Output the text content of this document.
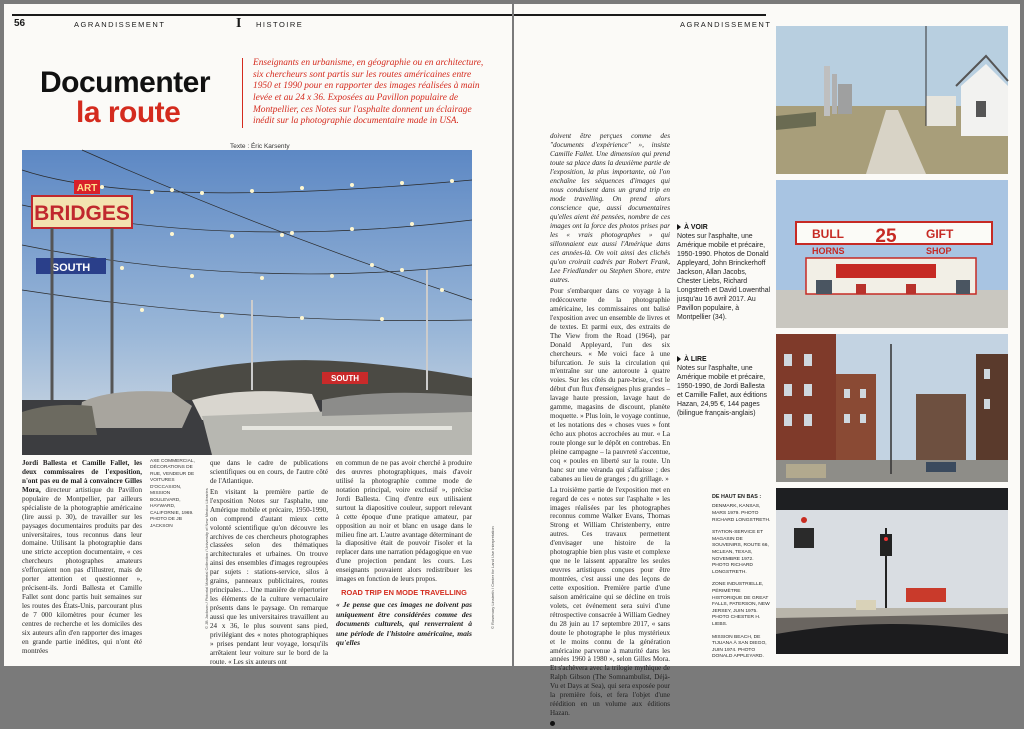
56	AGRANDISSEMENT	I HISTOIRE
Documenter
la route
Enseignants en urbanisme, en géographie ou en architecture, six chercheurs sont partis sur les routes américaines entre 1950 et 1990 pour en rapporter des images réalisées à main levée et au 24 x 36. Exposées au Pavillon populaire de Montpellier, ces Notes sur l'asphalte donnent un éclairage inédit sur la photographie documentaire made in USA.
Texte : Éric Karsenty
ART
BRIDGES
SOUTH
SOUTH
AXE COMMERCIAL, DÉCORATIONS DE RUE, VENDEUR DE VOITURES D'OCCASION, MISSION BOULEVARD, HAYWARD, CALIFORNIE, 1969. PHOTO DE JB JACKSON	© JB Jackson / Pictorial Material Collection / University of New Mexico Libraries	© Rosemary Linstreth / Center for Land Use Interpretation

Jordi Ballesta et Camille Fallet, les deux commissaires de l'exposition, n'ont pas eu de mal à convaincre Gilles Mora, directeur artistique du Pavillon populaire de Montpellier, par ailleurs spécialiste de la photographie américaine (lire aussi p. 30), de travailler sur les paysages documentaires produits par des universitaires, tous reconnus dans leur domaine. Utilisant la photographie dans une stricte acception documentaire, « ces chercheurs photographes amateurs s'efforçaient non pas d'illustrer, mais de porter attention et questionner », précisent-ils. Jordi Ballesta et Camille Fallet sont donc partis huit semaines sur les routes des États-Unis, parcourant plus de 7 000 kilomètres pour écumer les centres de recherche et les domiciles des six auteurs afin d'en rapporter des images en grande partie inédites, qui n'ont été montrées

que dans le cadre de publications scientifiques ou en cours, de l'autre côté de l'Atlantique.

En visitant la première partie de l'exposition Notes sur l'asphalte, une Amérique mobile et précaire, 1950-1990, on comprend d'autant mieux cette volonté scientifique qu'on découvre les archives de ces chercheurs photographes classées selon des thématiques architecturales et urbaines. On trouve ainsi des ensembles d'images regroupées par sujets : stations-service, silos à grains, panneaux publicitaires, routes principales… Une manière de répertorier les éléments de la culture vernaculaire présents dans le paysage. On remarque aussi que les universitaires travaillent au 24 x 36, le plus souvent sans pied, privilégiant des « notes photographiques » prises pendant leur voyage, lorsqu'ils arrêtaient leur voiture sur le bord de la route. « Les six auteurs ont

en commun de ne pas avoir cherché à produire des œuvres photographiques, mais d'avoir utilisé la photographie comme mode de notation principal, voire exclusif », précise Jordi Ballesta. Cinq d'entre eux utilisaient surtout la diapositive couleur, support relevant à cette époque d'une pratique amateur, par opposition au noir et blanc en usage dans le milieu fine art. L'autre avantage déterminant de la diapositive était de pouvoir l'isoler et la replacer dans une narration pédagogique en vue d'une projection pendant les cours. Les enseignants pouvaient alors redistribuer les images en fonction de leurs propos.

ROAD TRIP EN MODE TRAVELLING
« Je pense que ces images ne doivent pas uniquement être considérées comme des documents culturels, qui renverraient à une période de l'histoire américaine, mais qu'elles
AGRANDISSEMENT

doivent être perçues comme des "documents d'expérience" », insiste Camille Fallet. Une dimension qui prend toute sa place dans la deuxième partie de l'exposition, la plus importante, où l'on enchaîne les séquences d'images qui nous conduisent dans un grand trip en mode travelling. On prend alors conscience que, aussi documentaires qu'elles aient été pensées, nombre de ces images ont la force des photos prises par les « vrais photographes » qui sillonnaient eux aussi l'Amérique dans ces années-là. On voit ainsi des clichés qu'on croirait cadrés par Robert Frank, Lee Friedlander ou Stephen Shore, entre autres.

Pour s'embarquer dans ce voyage à la redécouverte de la photographie américaine, les commissaires ont balisé l'exposition avec un ensemble de livres et de textes. Et parmi eux, des extraits de The View from the Road (1964), par Donald Appleyard, l'un des six chercheurs. « Me voici face à une bifurcation. Je suis la circulation qui m'entraîne sur une autoroute à quatre voies. Sur les côtés du pare-brise, c'est le début d'un flux d'enseignes plus grandes – lavage haute pression, lavage haut de gamme, magasins de discount, planète moquette. » Plus loin, le voyage continue, et les notations des « choses vues » font écho aux photos accrochées au mur. « La route plonge sur le dépôt en contrebas. En pleine campagne – la pauvreté s'accentue, coq « poules en liberté sur la route. Un banc sur une véranda qui s'affaisse ; des cabanes au lieu de granges ; du grillage. »

La troisième partie de l'exposition met en regard de ces « notes sur l'asphalte » les images réalisées par les photographes reconnus comme Walker Evans, Thomas Strong et William Christenberry, entre autres. Ces travaux permettent d'envisager une histoire de la photographie bien plus vaste et complexe que ne le laissent apparaître les seules œuvres artistiques conçues pour être montrées, c'est aussi une des leçons de cette exposition. Première partie d'une saison américaine qui se décline en trois volets, cet événement sera suivi d'une rétrospective consacrée à William Gedney du 28 juin au 17 septembre 2017, « sans doute le photographe le plus mystérieux et le moins connu de la génération américaine parvenue à maturité dans les années 1960 à 1980 », selon Gilles Mora. Et s'achèvera avec la trilogie mythique de Ralph Gibson (The Somnambulist, Déjà-Vu et Days at Sea), qui sera exposée pour la première fois, et fera l'objet d'une réédition en un volume aux éditions Hazan.

À VOIR
Notes sur l'asphalte, une Amérique mobile et précaire, 1950-1990. Photos de Donald Appleyard, John Brinckerhoff Jackson, Allan Jacobs, Chester Liebs, Richard Longstreth et David Lowenthal jusqu'au 16 avril 2017. Au Pavillon populaire, à Montpellier (34).
À LIRE
Notes sur l'asphalte, une Amérique mobile et précaire, 1950-1990, de Jordi Ballesta et Camille Fallet, aux éditions Hazan, 24,95 €, 144 pages (bilingue français-anglais)
DE HAUT EN BAS :
DENMARK, KANSAS, MARS 1979. PHOTO RICHARD LONGSTRETH.
STATION-SERVICE ET MAGASIN DE SOUVENIRS, ROUTE 66, MCLEAN, TEXAS, NOVEMBRE 1972. PHOTO RICHARD LONGSTRETH.
ZONE INDUSTRIELLE, PÉRIMÈTRE HISTORIQUE DE GREAT FALLS, PATERSON, NEW JERSEY, JUIN 1975. PHOTO CHESTER H. LIEBS.
MISSION BEACH, DE TIJUANA À SAN DIEGO, JUIN 1974. PHOTO DONALD APPLEYARD.
BULL 25 GIFT
HORNS	SHOP
